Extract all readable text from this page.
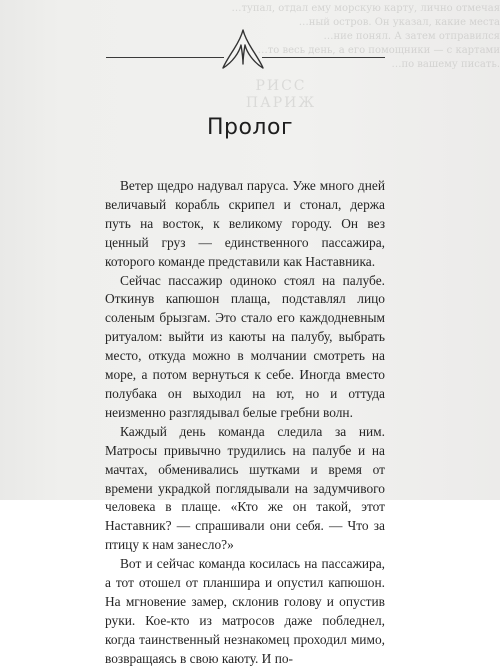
…тупал, отдал ему морскую карту, лично отмечая
…ный остров. Он указал, какие места
…ние понял. А затем отправился
…то весь день, а его помощники — с картами
…по вашему писать.
РИСС
ПАРИЖ
Пролог

Ветер щедро надувал паруса. Уже много дней величавый корабль скрипел и стонал, держа путь на восток, к великому городу. Он вез ценный груз — единственного пассажира, которого команде представили как Наставника.

Сейчас пассажир одиноко стоял на палубе. Откинув капюшон плаща, подставлял лицо соленым брызгам. Это стало его каждодневным ритуалом: выйти из каюты на палубу, выбрать место, откуда можно в молчании смотреть на море, а потом вернуться к себе. Иногда вместо полубака он выходил на ют, но и оттуда неизменно разглядывал белые гребни волн.

Каждый день команда следила за ним. Матросы привычно трудились на палубе и на мачтах, обменивались шутками и время от времени украдкой поглядывали на задумчивого человека в плаще. «Кто же он такой, этот Наставник? — спрашивали они себя. — Что за птицу к нам занесло?»

Вот и сейчас команда косилась на пассажира, а тот отошел от планшира и опустил капюшон. На мгновение замер, склонив голову и опустив руки. Кое-кто из матросов даже побледнел, когда таинственный незнакомец проходил мимо, возвращаясь в свою каюту. И по-
